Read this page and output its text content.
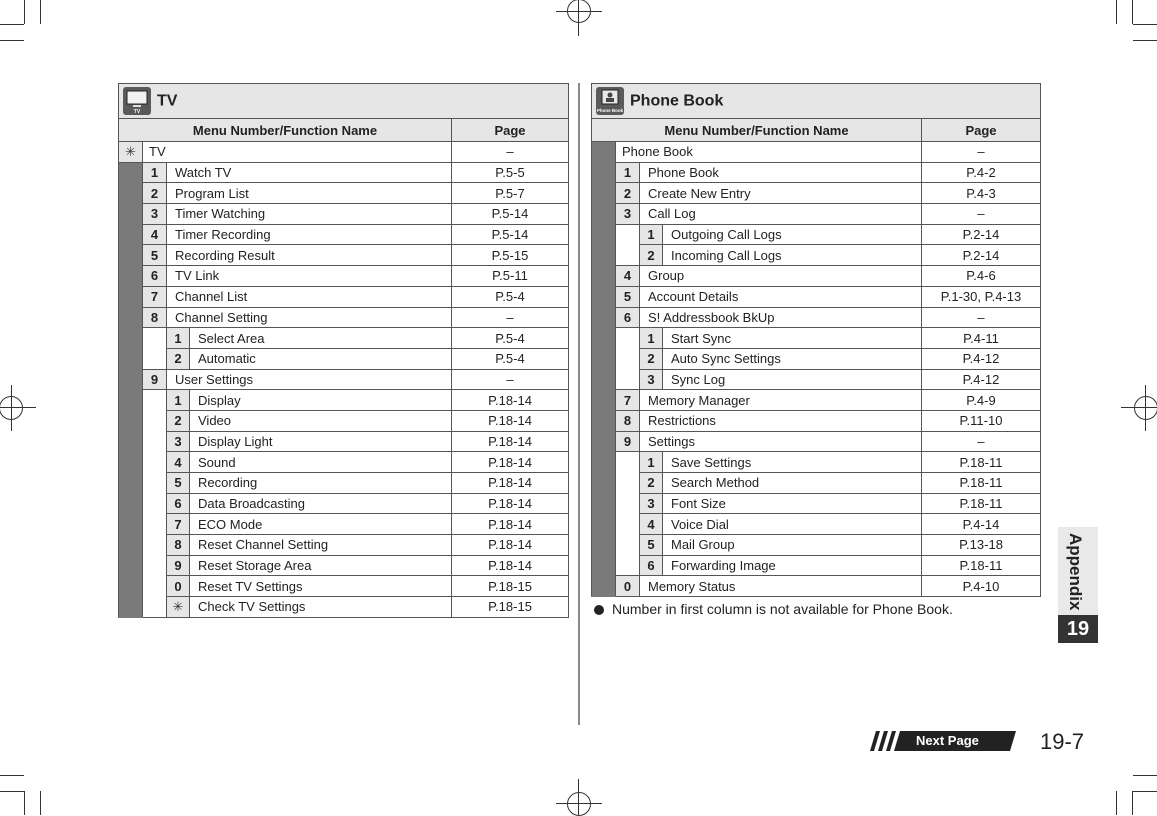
TV
TV				
Menu Number/Function Name				Page
✳	TV			–
	1	Watch TV		P.5-5
	2	Program List		P.5-7
	3	Timer Watching		P.5-14
	4	Timer Recording		P.5-14
	5	Recording Result		P.5-15
	6	TV Link		P.5-11
	7	Channel List		P.5-4
	8	Channel Setting		–
		1	Select Area	P.5-4
		2	Automatic	P.5-4
	9	User Settings		–
		1	Display	P.18-14
		2	Video	P.18-14
		3	Display Light	P.18-14
		4	Sound	P.18-14
		5	Recording	P.18-14
		6	Data Broadcasting	P.18-14
		7	ECO Mode	P.18-14
		8	Reset Channel Setting	P.18-14
		9	Reset Storage Area	P.18-14
		0	Reset TV Settings	P.18-15
		✳	Check TV Settings	P.18-15
Phone Book
Phone Book				
Menu Number/Function Name				Page
	Phone Book			–
	1	Phone Book		P.4-2
	2	Create New Entry		P.4-3
	3	Call Log		–
		1	Outgoing Call Logs	P.2-14
		2	Incoming Call Logs	P.2-14
	4	Group		P.4-6
	5	Account Details		P.1-30, P.4-13
	6	S! Addressbook BkUp		–
		1	Start Sync	P.4-11
		2	Auto Sync Settings	P.4-12
		3	Sync Log	P.4-12
	7	Memory Manager		P.4-9
	8	Restrictions		P.11-10
	9	Settings		–
		1	Save Settings	P.18-11
		2	Search Method	P.18-11
		3	Font Size	P.18-11
		4	Voice Dial	P.4-14
		5	Mail Group	P.13-18
		6	Forwarding Image	P.18-11
	0	Memory Status		P.4-10
Number in first column is not available for Phone Book.	Appendix
19
Next Page	19-7
